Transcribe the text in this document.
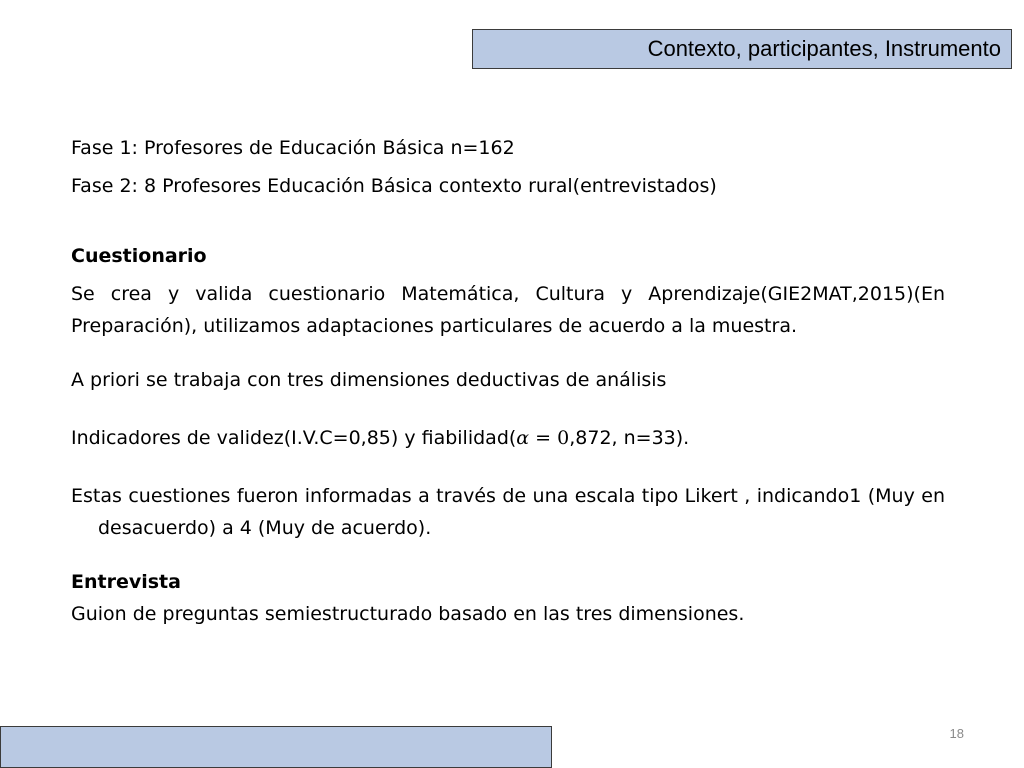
Contexto, participantes, Instrumento

Fase 1: Profesores de Educación Básica n=162

Fase 2: 8 Profesores Educación Básica contexto rural(entrevistados)

Cuestionario

Se crea y valida cuestionario Matemática, Cultura y Aprendizaje(GIE2MAT,2015)(En Preparación), utilizamos adaptaciones particulares de acuerdo a la muestra.

A priori se trabaja con tres dimensiones deductivas de análisis

Indicadores de validez(I.V.C=0,85) y fiabilidad(α = 0,872, n=33).

Estas cuestiones fueron informadas a través de una escala tipo Likert , indicando1 (Muy en desacuerdo) a 4 (Muy de acuerdo).

Entrevista

Guion de preguntas semiestructurado basado en las tres dimensiones.

18
